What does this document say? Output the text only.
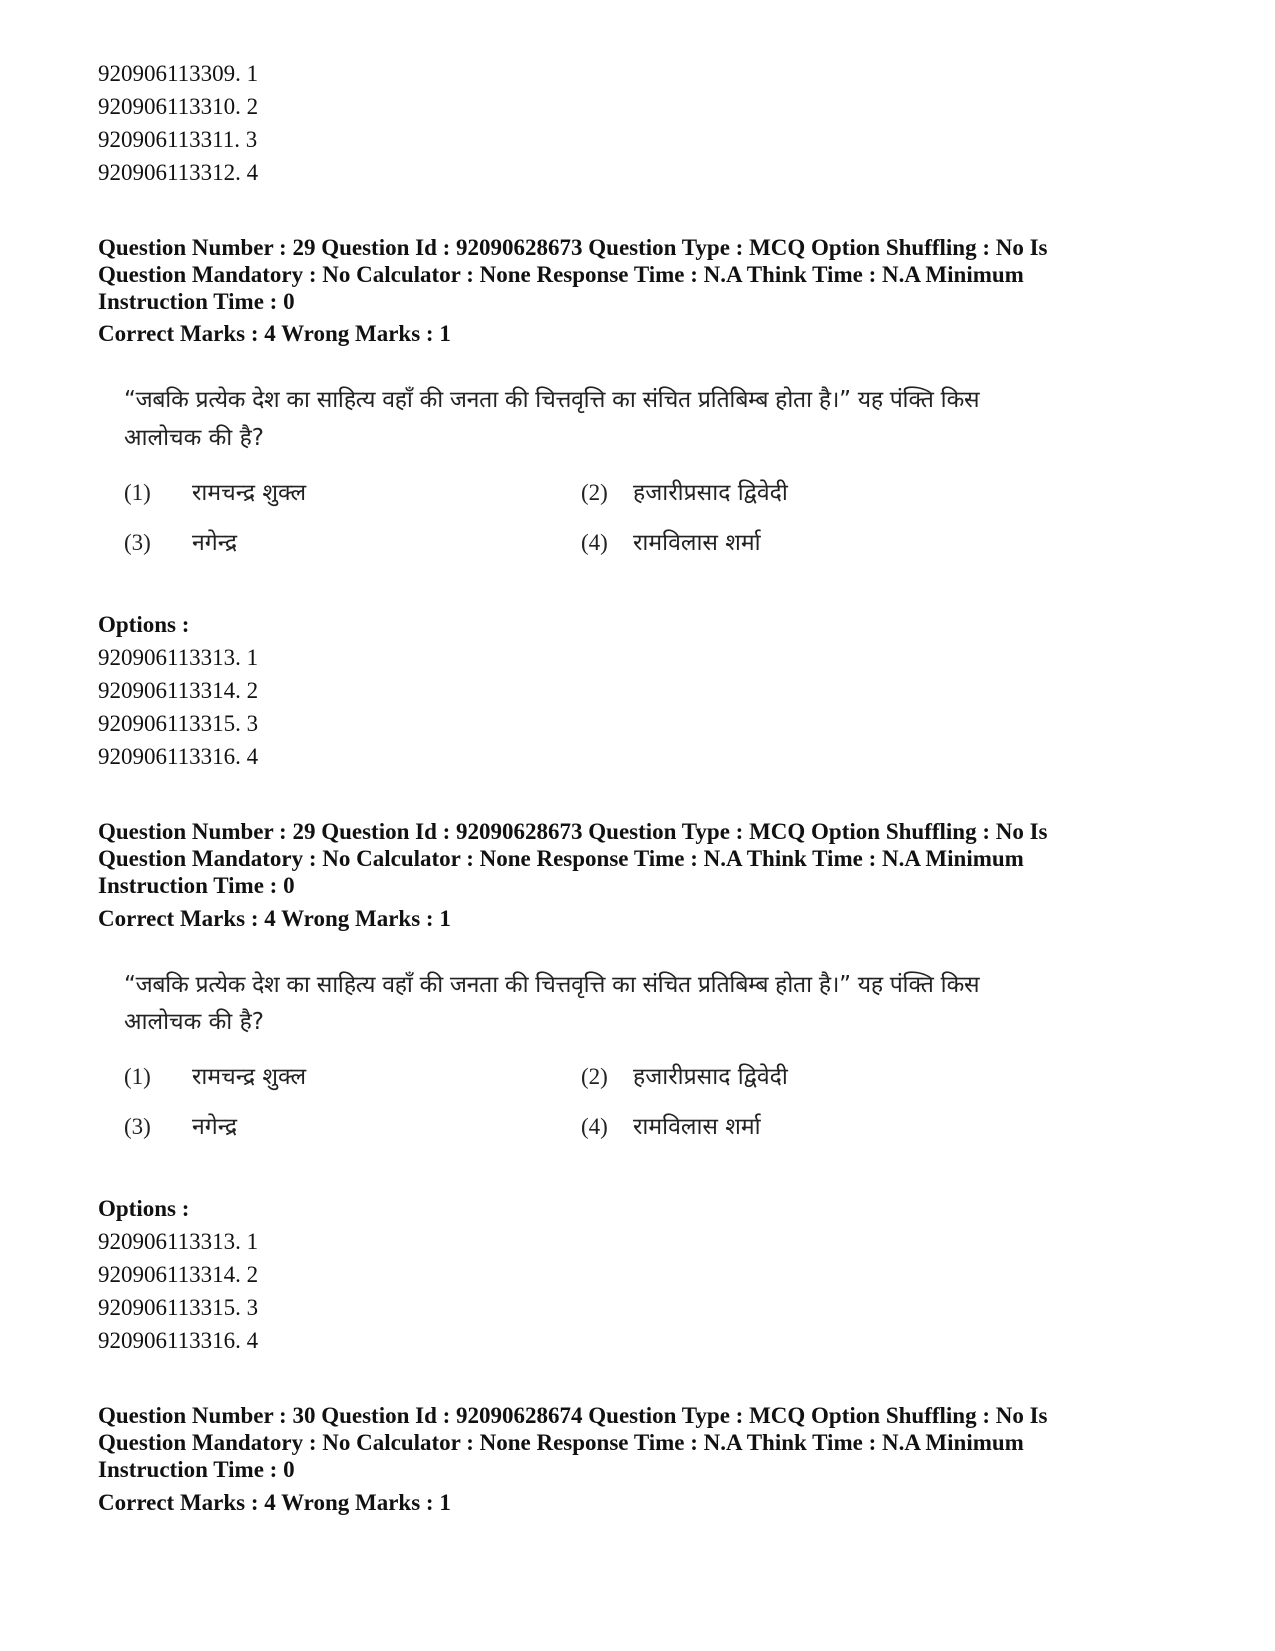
920906113309. 1
920906113310. 2
920906113311. 3
920906113312. 4
Question Number : 29 Question Id : 92090628673 Question Type : MCQ Option Shuffling : No Is
Question Mandatory : No Calculator : None Response Time : N.A Think Time : N.A Minimum
Instruction Time : 0
Correct Marks : 4 Wrong Marks : 1
“जबकि प्रत्येक देश का साहित्य वहाँ की जनता की चित्तवृत्ति का संचित प्रतिबिम्ब होता है।” यह पंक्ति किस
आलोचक की है?
(1) रामचन्द्र शुक्ल	(2) हजारीप्रसाद द्विवेदी
(3) नगेन्द्र	(4) रामविलास शर्मा
Options :
920906113313. 1
920906113314. 2
920906113315. 3
920906113316. 4
Question Number : 29 Question Id : 92090628673 Question Type : MCQ Option Shuffling : No Is
Question Mandatory : No Calculator : None Response Time : N.A Think Time : N.A Minimum
Instruction Time : 0
Correct Marks : 4 Wrong Marks : 1
“जबकि प्रत्येक देश का साहित्य वहाँ की जनता की चित्तवृत्ति का संचित प्रतिबिम्ब होता है।” यह पंक्ति किस
आलोचक की है?
(1) रामचन्द्र शुक्ल	(2) हजारीप्रसाद द्विवेदी
(3) नगेन्द्र	(4) रामविलास शर्मा
Options :
920906113313. 1
920906113314. 2
920906113315. 3
920906113316. 4
Question Number : 30 Question Id : 92090628674 Question Type : MCQ Option Shuffling : No Is
Question Mandatory : No Calculator : None Response Time : N.A Think Time : N.A Minimum
Instruction Time : 0
Correct Marks : 4 Wrong Marks : 1
